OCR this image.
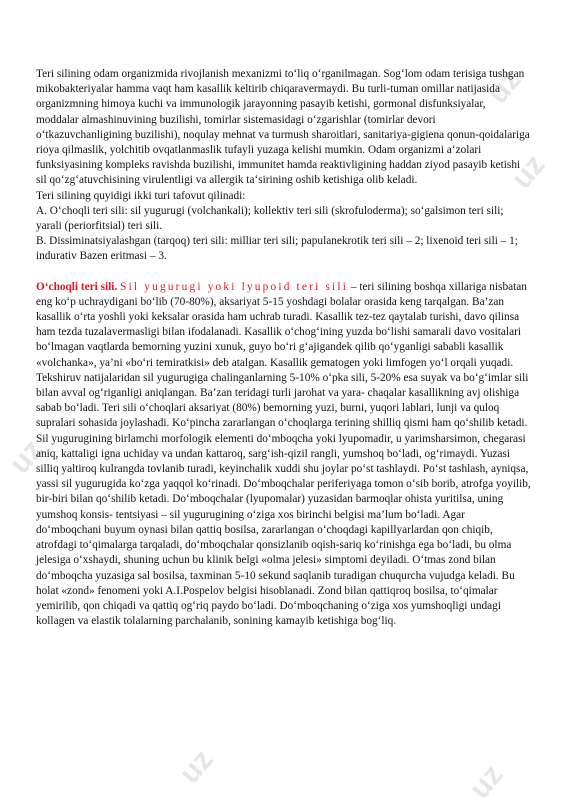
uz
uz
uz
uz	uz

Teri silining odam organizmida rivojlanish mexanizmi to‘liq o‘rganilmagan. Sog‘lom odam terisiga tushgan mikobakteriyalar hamma vaqt ham kasallik keltirib chiqaravermaydi. Bu turli-tuman omillar natijasida organizmning himoya kuchi va immunologik jarayonning pasayib ketishi, gormonal disfunksiyalar, moddalar almashinuvining buzilishi, tomirlar sistemasidagi o‘zgarishlar (tomirlar devori o‘tkazuvchanligining buzilishi), noqulay mehnat va turmush sharoitlari, sanitariya-gigiena qonun-qoidalariga rioya qilmaslik, yolchitib ovqatlanmaslik tufayli yuzaga kelishi mumkin. Odam organizmi a‘zolari funksiyasining kompleks ravishda buzilishi, immunitet hamda reaktivligining haddan ziyod pasayib ketishi sil qo‘zg‘atuvchisining virulentligi va allergik ta‘sirining oshib ketishiga olib keladi.

Teri silining quyidigi ikki turi tafovut qilinadi:

A. O‘choqli teri sili: sil yugurugi (volchankali); kollektiv teri sili (skrofuloderma); so‘galsimon teri sili; yarali (periorfitsial) teri sili.

B. Dissiminatsiyalashgan (tarqoq) teri sili: milliar teri sili; papulanekrotik teri sili – 2; lixenoid teri sili – 1; indurativ Bazen eritmasi – 3.

O‘choqli teri sili. Sil yugurugi yoki lyupoid teri sili – teri silining boshqa xillariga nisbatan eng ko‘p uchraydigani bo‘lib (70-80%), aksariyat 5-15 yoshdagi bolalar orasida keng tarqalgan. Ba’zan kasallik o‘rta yoshli yoki keksalar orasida ham uchrab turadi. Kasallik tez-tez qaytalab turishi, davo qilinsa ham tezda tuzalavermasligi bilan ifodalanadi. Kasallik o‘chog‘ining yuzda bo‘lishi samarali davo vositalari bo‘lmagan vaqtlarda bemorning yuzini xunuk, guyo bo‘ri g‘ajigandek qilib qo‘yganligi sababli kasallik «volchanka», ya’ni «bo‘ri temiratkisi» deb atalgan. Kasallik gematogen yoki limfogen yo‘l orqali yuqadi. Tekshiruv natijalaridan sil yugurugiga chalinganlarning 5-10% o‘pka sili, 5-20% esa suyak va bo‘g‘imlar sili bilan avval og‘riganligi aniqlangan. Ba’zan teridagi turli jarohat va yara- chaqalar kasallikning avj olishiga sabab bo‘ladi. Teri sili o‘choqlari aksariyat (80%) bemorning yuzi, burni, yuqori lablari, lunji va quloq supralari sohasida joylashadi. Ko‘pincha zararlangan o‘choqlarga terining shilliq qismi ham qo‘shilib ketadi. Sil yugurugining birlamchi morfologik elementi do‘mboqcha yoki lyupomadir, u yarimsharsimon, chegarasi aniq, kattaligi igna uchiday va undan kattaroq, sarg‘ish-qizil rangli, yumshoq bo‘ladi, og‘rimaydi. Yuzasi silliq yaltiroq kulrangda tovlanib turadi, keyinchalik xuddi shu joylar po‘st tashlaydi. Po‘st tashlash, ayniqsa, yassi sil yugurugida ko‘zga yaqqol ko‘rinadi. Do‘mboqchalar periferiyaga tomon o‘sib borib, atrofga yoyilib, bir-biri bilan qo‘shilib ketadi. Do‘mboqchalar (lyupomalar) yuzasidan barmoqlar ohista yuritilsa, uning yumshoq konsis- tentsiyasi – sil yugurugining o‘ziga xos birinchi belgisi ma’lum bo‘ladi. Agar do‘mboqchani buyum oynasi bilan qattiq bosilsa, zararlangan o‘choqdagi kapillyarlardan qon chiqib, atrofdagi to‘qimalarga tarqaladi, do‘mboqchalar qonsizlanib oqish-sariq ko‘rinishga ega bo‘ladi, bu olma jelesiga o‘xshaydi, shuning uchun bu klinik belgi «olma jelesi» simptomi deyiladi. O‘tmas zond bilan do‘mboqcha yuzasiga sal bosilsa, taxminan 5-10 sekund saqlanib turadigan chuqurcha vujudga keladi. Bu holat «zond» fenomeni yoki A.I.Pospelov belgisi hisoblanadi. Zond bilan qattiqroq bosilsa, to‘qimalar yemirilib, qon chiqadi va qattiq og‘riq paydo bo‘ladi. Do‘mboqchaning o‘ziga xos yumshoqligi undagi kollagen va elastik tolalarning parchalanib, sonining kamayib ketishiga bog‘liq.
